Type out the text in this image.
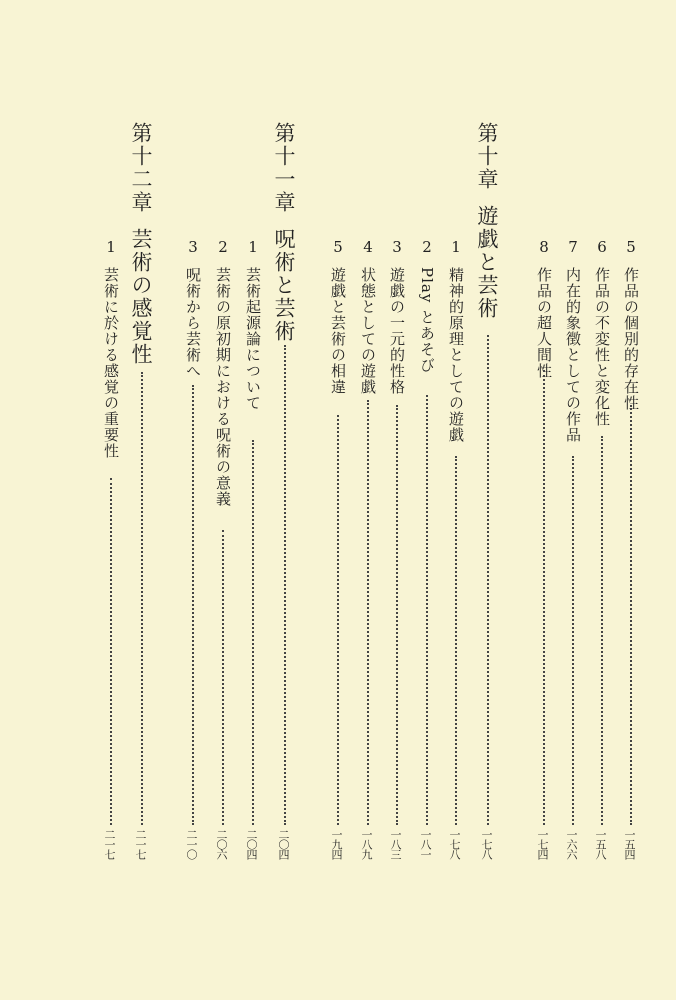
5作品の個別的存在性
一五四
6作品の不変性と変化性
一五八
7内在的象徴としての作品
一六六
8作品の超人間性
一七四
第十章遊戯と芸術
一七八
1精神的原理としての遊戯
一七八
2Play とあそび
一八一
3遊戯の一元的性格
一八三
4状態としての遊戯
一八九
5遊戯と芸術の相違
一九四
第十一章呪術と芸術
二〇四
1芸術起源論について
二〇四
2芸術の原初期における呪術の意義
二〇六
3呪術から芸術へ
二一〇
第十二章芸術の感覚性
二一七
1芸術に於ける感覚の重要性
二一七
